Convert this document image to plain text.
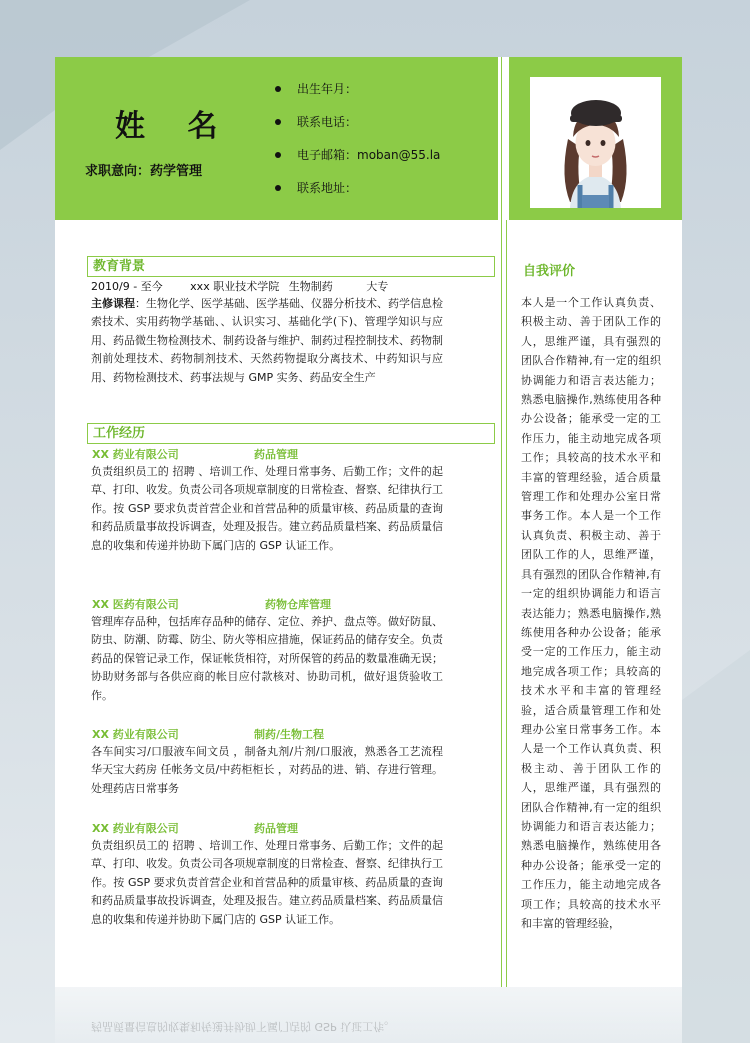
姓 名
求职意向：药学管理
出生年月：
联系电话：
电子邮箱：moban@55.la
联系地址：
教育背景
2010/9 - 至今	xxx 职业技术学院 生物制药	大专
主修课程：生物化学、医学基础、医学基础、仪器分析技术、药学信息检索技术、实用药物学基础、、认识实习、基础化学(下)、管理学知识与应用、药品微生物检测技术、制药设备与维护、制药过程控制技术、药物制剂前处理技术、药物制剂技术、天然药物提取分离技术、中药知识与应用、药物检测技术、药事法规与 GMP 实务、药品安全生产
工作经历
XX 药业有限公司	药品管理
负责组织员工的 招聘 、培训工作、处理日常事务、后勤工作；文件的起草、打印、收发。负责公司各项规章制度的日常检查、督察、纪律执行工作。按 GSP 要求负责首营企业和首营品种的质量审核、药品质量的查询和药品质量事故投诉调查，处理及报告。建立药品质量档案、药品质量信息的收集和传递并协助下属门店的 GSP 认证工作。
XX 医药有限公司	药物仓库管理
管理库存品种，包括库存品种的储存、定位、养护、盘点等。做好防鼠、防虫、防潮、防霉、防尘、防火等相应措施，保证药品的储存安全。负责药品的保管记录工作，保证帐货相符，对所保管的药品的数量准确无误；协助财务部与各供应商的帐目应付款核对、协助司机，做好退货验收工作。
XX 药业有限公司	制药/生物工程
各车间实习/口服液车间文员 ，制备丸剂/片剂/口服液，熟悉各工艺流程华天宝大药房 任帐务文员/中药柜柜长 ，对药品的进、销、存进行管理。处理药店日常事务
XX 药业有限公司	药品管理
负责组织员工的 招聘 、培训工作、处理日常事务、后勤工作；文件的起草、打印、收发。负责公司各项规章制度的日常检查、督察、纪律执行工作。按 GSP 要求负责首营企业和首营品种的质量审核、药品质量的查询和药品质量事故投诉调查，处理及报告。建立药品质量档案、药品质量信息的收集和传递并协助下属门店的 GSP 认证工作。
自我评价
本人是一个工作认真负责、积极主动、善于团队工作的人，思维严谨，具有强烈的团队合作精神,有一定的组织协调能力和语言表达能力；熟悉电脑操作,熟练使用各种办公设备；能承受一定的工作压力，能主动地完成各项工作；具较高的技术水平和丰富的管理经验，适合质量管理工作和处理办公室日常事务工作。本人是一个工作认真负责、积极主动、善于团队工作的人，思维严谨，具有强烈的团队合作精神,有一定的组织协调能力和语言表达能力；熟悉电脑操作,熟练使用各种办公设备；能承受一定的工作压力，能主动地完成各项工作；具较高的技术水平和丰富的管理经验，适合质量管理工作和处理办公室日常事务工作。本人是一个工作认真负责、积极主动、善于团队工作的人，思维严谨，具有强烈的团队合作精神,有一定的组织协调能力和语言表达能力；熟悉电脑操作，熟练使用各种办公设备；能承受一定的工作压力，能主动地完成各项工作；具较高的技术水平和丰富的管理经验，
药品质量信息的收集和传递并协助下属门店的 GSP 认证工作。
